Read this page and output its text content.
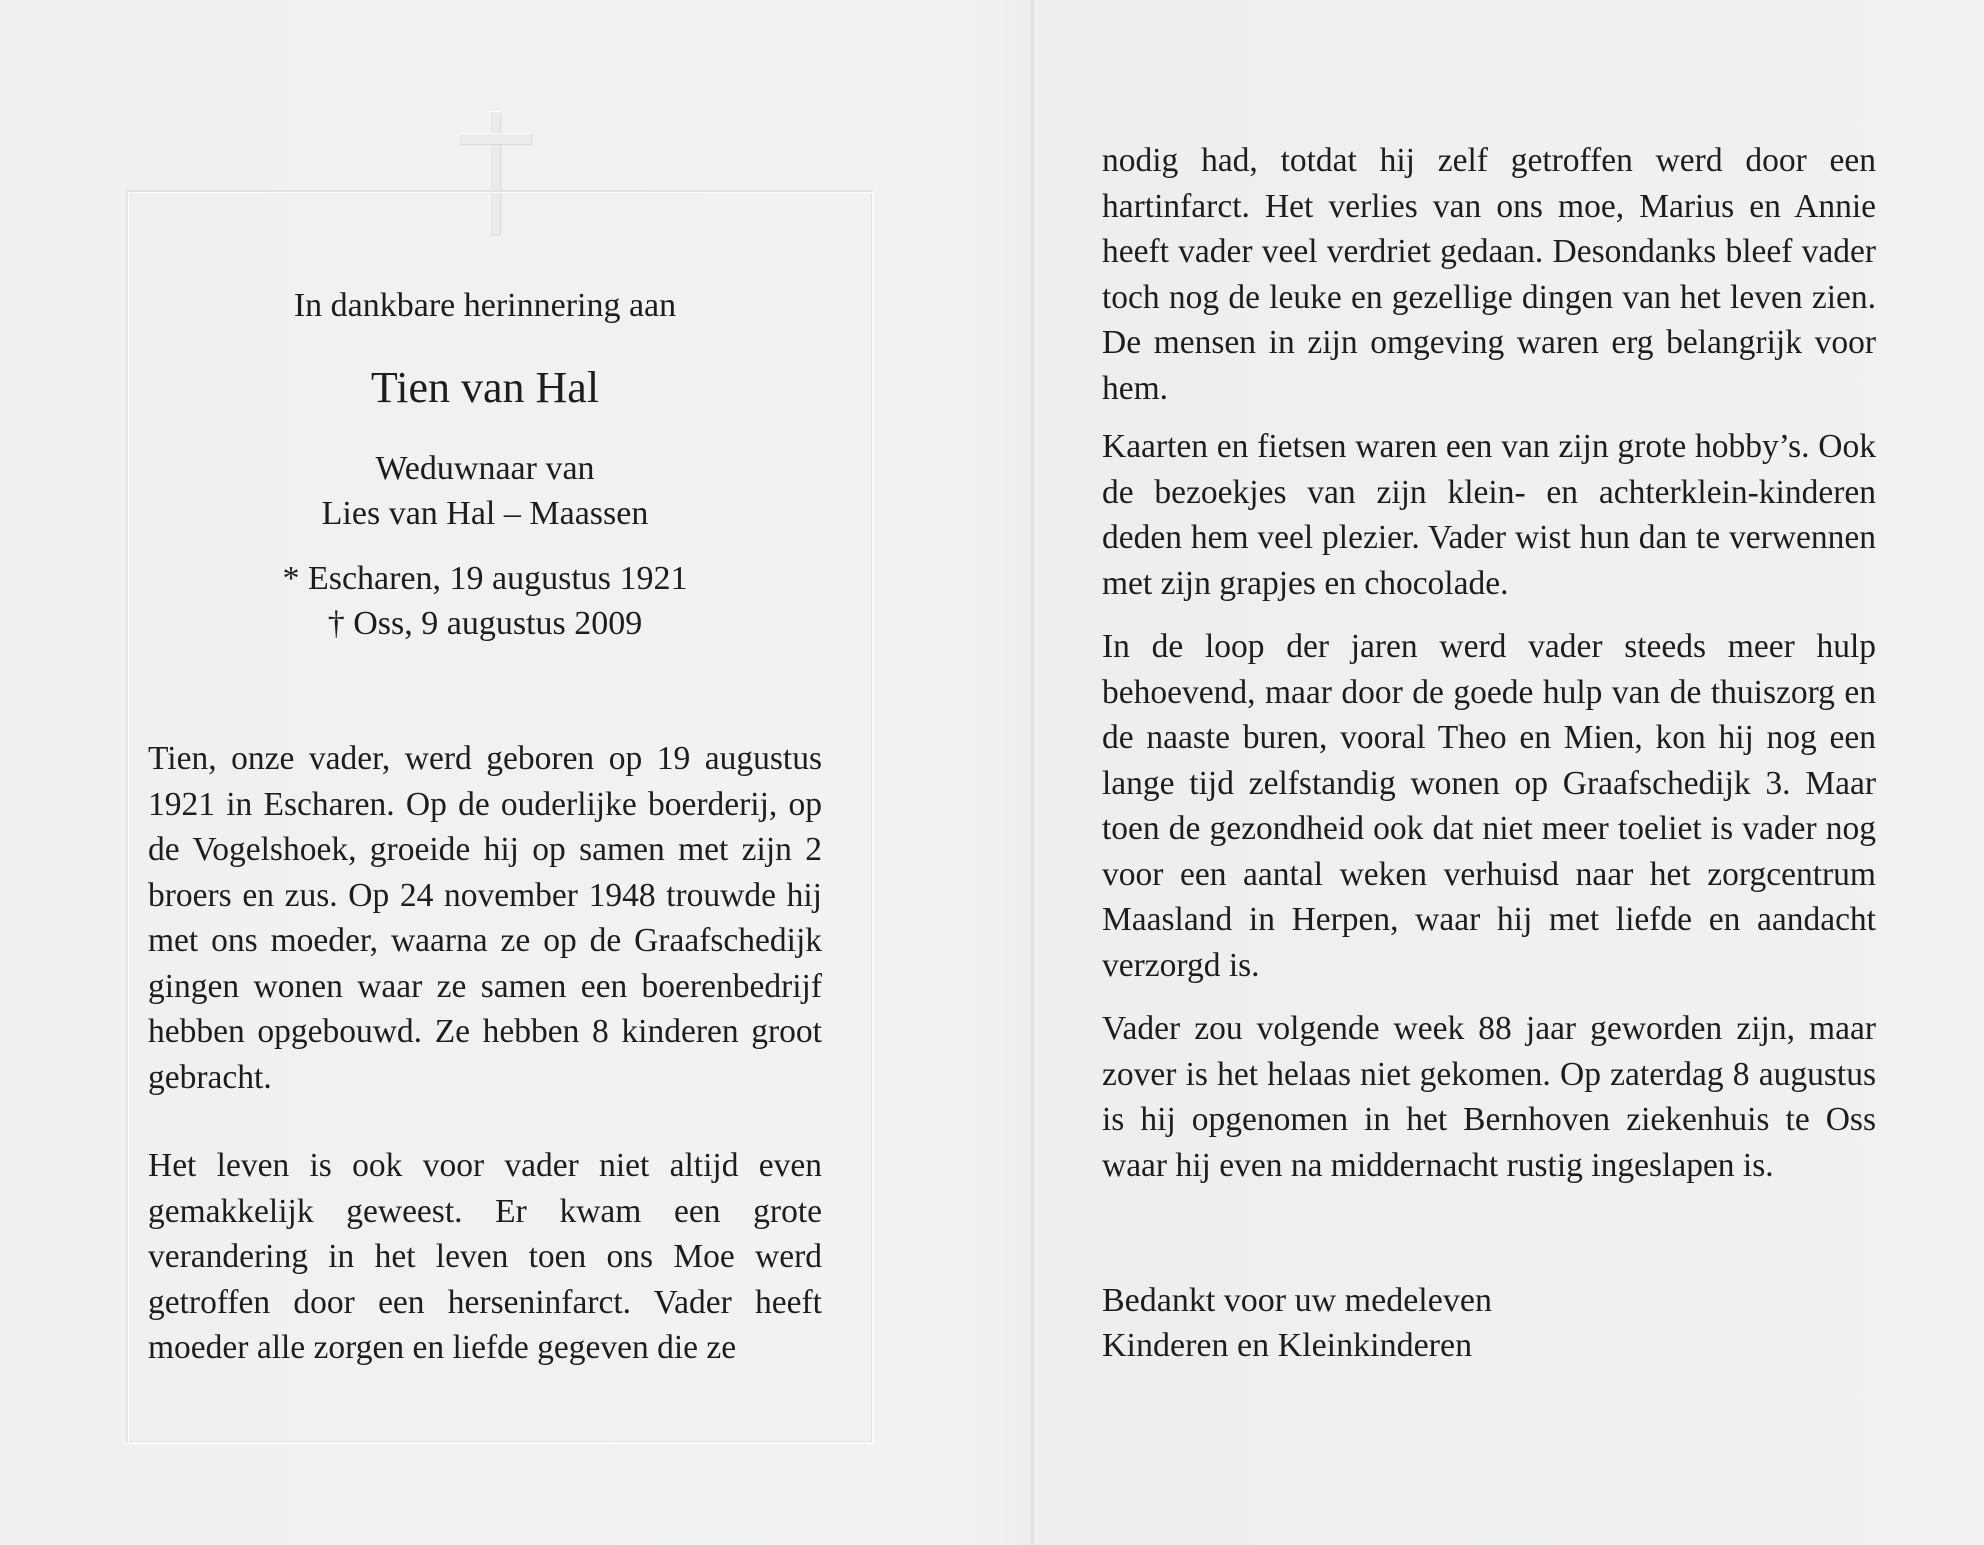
In dankbare herinnering aan
Tien van Hal
Weduwnaar van
Lies van Hal – Maassen
* Escharen, 19 augustus 1921
† Oss, 9 augustus 2009
Tien, onze vader, werd geboren op 19 augustus 1921 in Escharen. Op de ouderlijke boerderij, op de Vogelshoek, groeide hij op samen met zijn 2 broers en zus. Op 24 november 1948 trouwde hij met ons moeder, waarna ze op de Graafschedijk gingen wonen waar ze samen een boerenbedrijf hebben opgebouwd. Ze hebben 8 kinderen groot gebracht.
Het leven is ook voor vader niet altijd even gemakkelijk geweest. Er kwam een grote verandering in het leven toen ons Moe werd getroffen door een herseninfarct. Vader heeft moeder alle zorgen en liefde gegeven die ze
nodig had, totdat hij zelf getroffen werd door een hartinfarct. Het verlies van ons moe, Marius en Annie heeft vader veel verdriet gedaan. Desondanks bleef vader toch nog de leuke en gezellige dingen van het leven zien. De mensen in zijn omgeving waren erg belangrijk voor hem.
Kaarten en fietsen waren een van zijn grote hobby’s. Ook de bezoekjes van zijn klein- en achterklein-kinderen deden hem veel plezier. Vader wist hun dan te verwennen met zijn grapjes en chocolade.
In de loop der jaren werd vader steeds meer hulp behoevend, maar door de goede hulp van de thuiszorg en de naaste buren, vooral Theo en Mien, kon hij nog een lange tijd zelfstandig wonen op Graafschedijk 3. Maar toen de gezondheid ook dat niet meer toeliet is vader nog voor een aantal weken verhuisd naar het zorgcentrum Maasland in Herpen, waar hij met liefde en aandacht verzorgd is.
Vader zou volgende week 88 jaar geworden zijn, maar zover is het helaas niet gekomen. Op zaterdag 8 augustus is hij opgenomen in het Bernhoven ziekenhuis te Oss waar hij even na middernacht rustig ingeslapen is.
Bedankt voor uw medeleven
Kinderen en Kleinkinderen
